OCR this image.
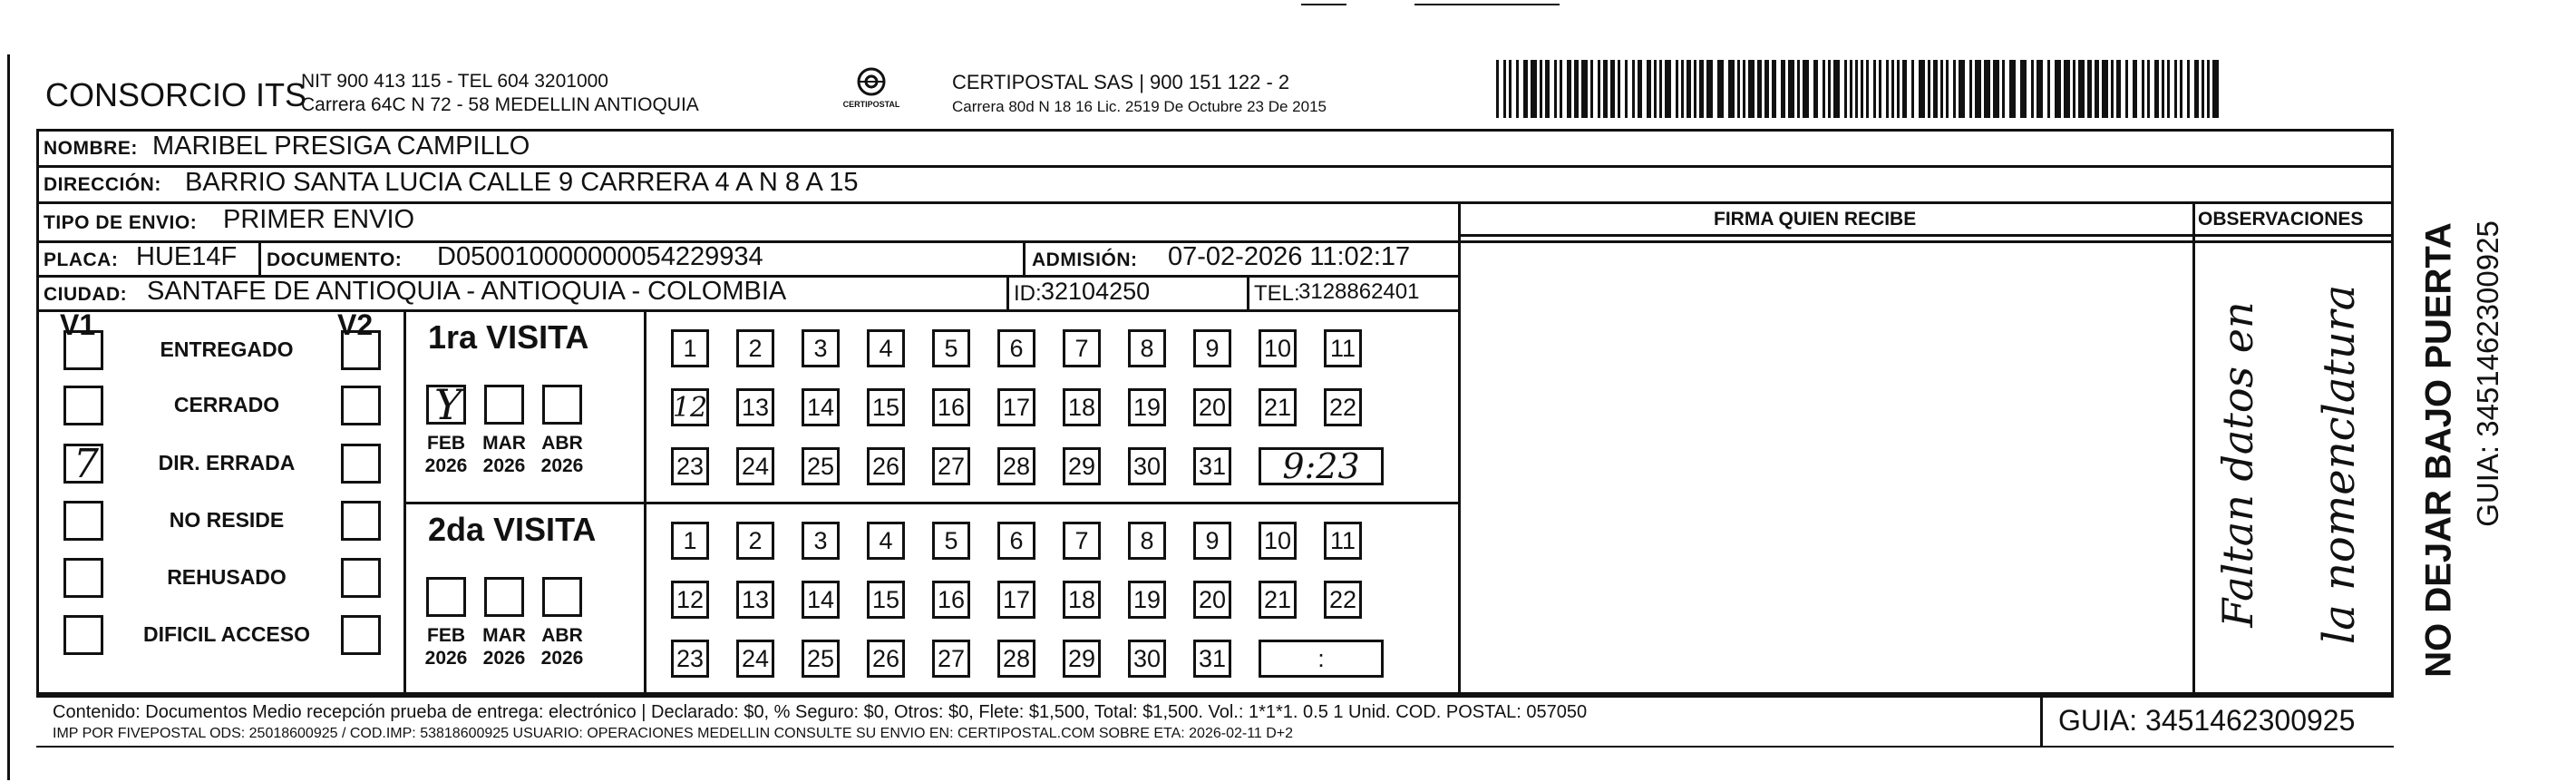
CONSORCIO ITS
NIT 900 413 115 - TEL 604 3201000
Carrera 64C N 72 - 58 MEDELLIN ANTIOQUIA	CERTIPOSTAL
CERTIPOSTAL SAS | 900 151 122 - 2
Carrera 80d N 18 16 Lic. 2519 De Octubre 23 De 2015
NOMBRE: MARIBEL PRESIGA CAMPILLO
DIRECCIÓN: BARRIO SANTA LUCIA CALLE 9 CARRERA 4 A N 8 A 15
TIPO DE ENVIO: PRIMER ENVIO	FIRMA QUIEN RECIBE	OBSERVACIONES
Faltan datos en la nomenclatura
PLACA: HUE14F DOCUMENTO: D050010000000054229934	ADMISIÓN: 07-02-2026 11:02:17
CIUDAD: SANTAFE DE ANTIOQUIA - ANTIOQUIA - COLOMBIA	ID: 32104250	TEL:
3128862401
V1	V2
ENTREGADO
CERRADO
7	DIR. ERRADA
NO RESIDE
REHUSADO
DIFICIL ACCESO
1ra VISITA
Y
FEB
2026
MAR
2026
ABR
2026
1	2	3	4	5	6	7	8	9	10 11
12 13 14 15 16 17 18 19 20 21 22
23 24 25 26 27 28 29 30 31	9:23
2da VISITA
FEB
2026
MAR
2026
ABR
2026
1	2	3	4	5	6	7	8	9	10 11
12 13 14 15 16 17 18 19 20 21 22
23 24 25 26 27 28 29 30 31	:
Contenido: Documentos Medio recepción prueba de entrega: electrónico | Declarado: $0, % Seguro: $0, Otros: $0, Flete: $1,500, Total: $1,500. Vol.: 1*1*1. 0.5 1 Unid. COD. POSTAL: 057050
IMP POR FIVEPOSTAL ODS: 25018600925 / COD.IMP: 53818600925 USUARIO: OPERACIONES MEDELLIN CONSULTE SU ENVIO EN: CERTIPOSTAL.COM SOBRE ETA: 2026-02-11 D+2	GUIA: 3451462300925
NO DEJAR BAJO PUERTA GUIA: 3451462300925
